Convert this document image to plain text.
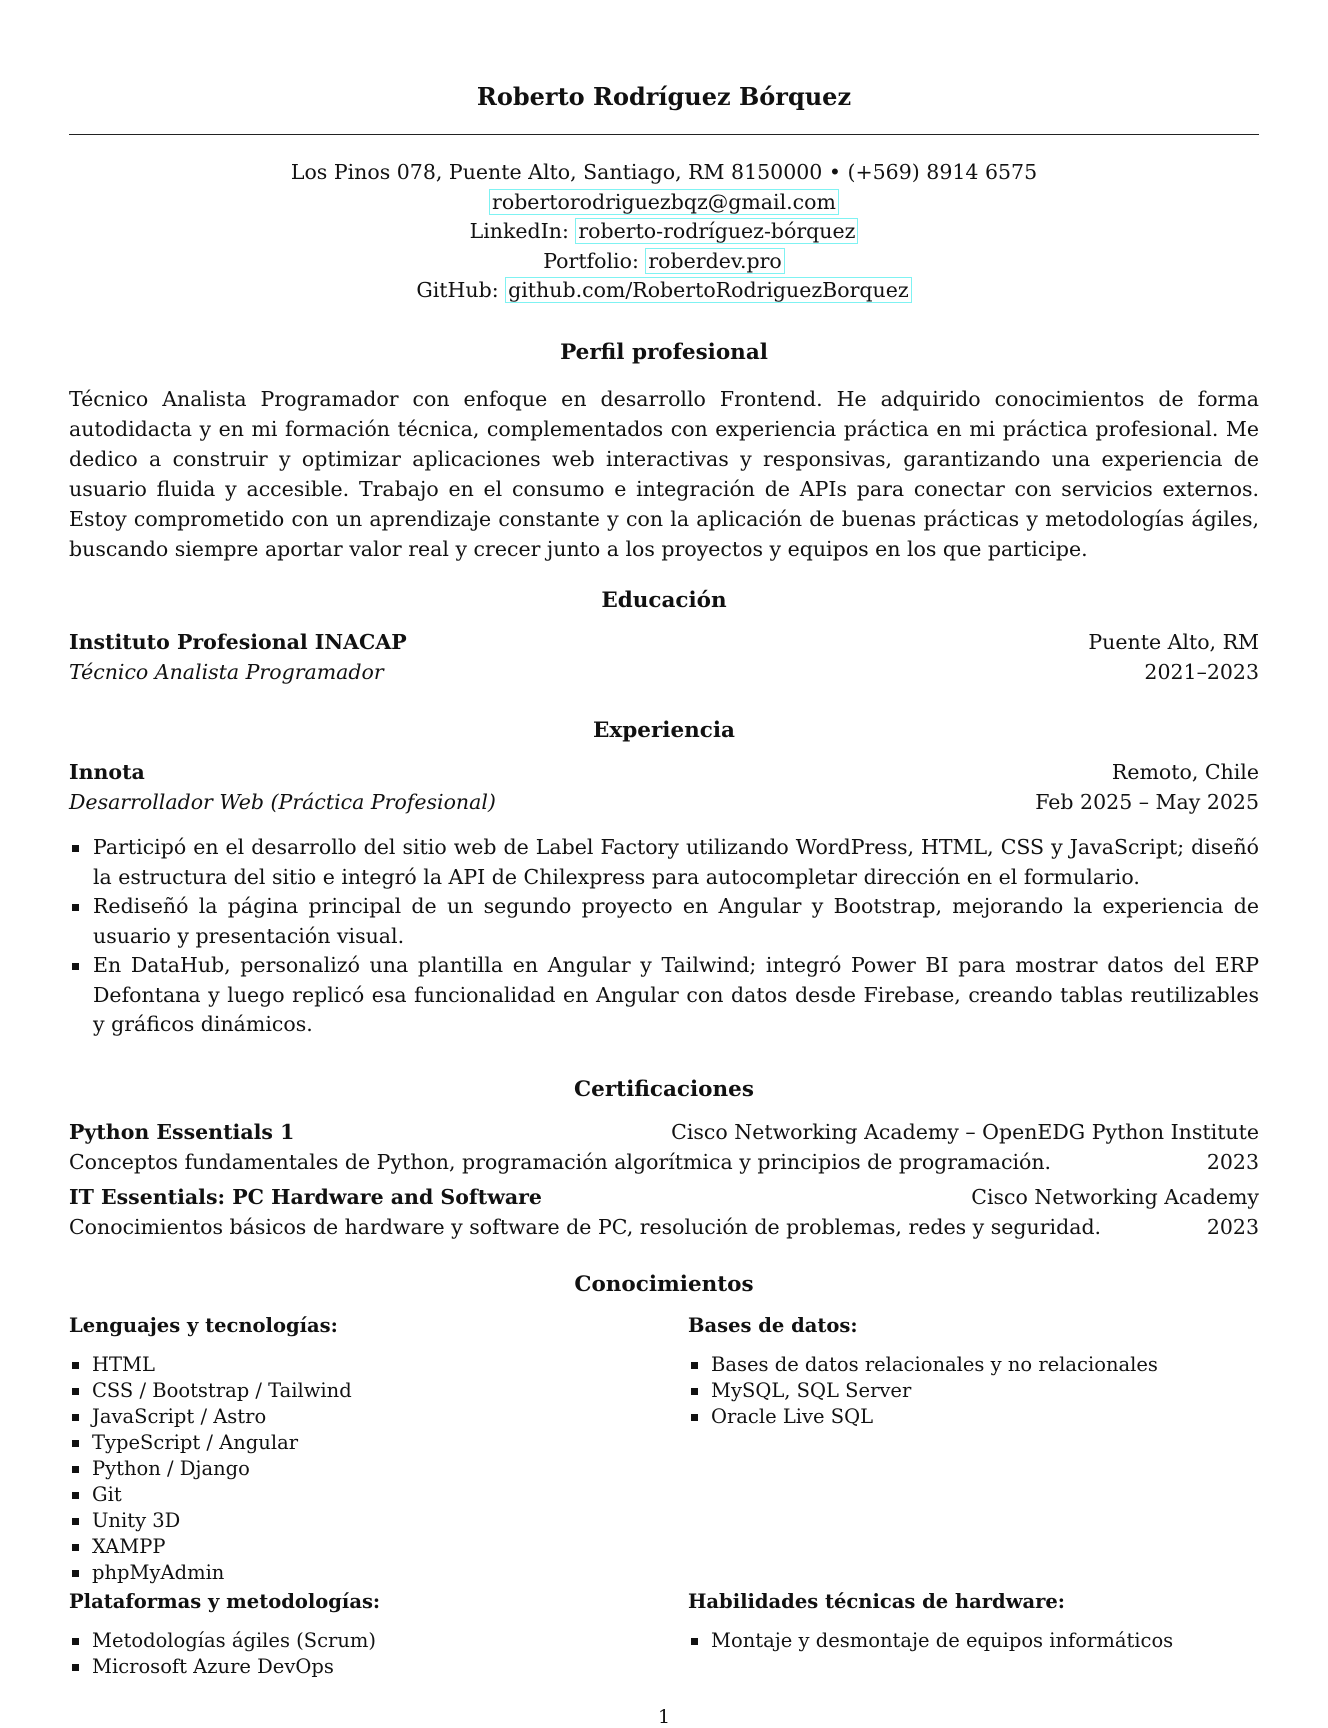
Roberto Rodríguez Bórquez
Los Pinos 078, Puente Alto, Santiago, RM 8150000 • (+569) 8914 6575
robertorodriguezbqz@gmail.com
LinkedIn: roberto-rodríguez-bórquez
Portfolio: roberdev.pro
GitHub: github.com/RobertoRodriguezBorquez
Perfil profesional
Técnico Analista Programador con enfoque en desarrollo Frontend. He adquirido conocimientos de forma autodidacta y en mi formación técnica, complementados con experiencia práctica en mi práctica profesional. Me dedico a construir y optimizar aplicaciones web interactivas y responsivas, garantizando una experiencia de usuario fluida y accesible. Trabajo en el consumo e integración de APIs para conectar con servicios externos. Estoy comprometido con un aprendizaje constante y con la aplicación de buenas prácticas y metodologías ágiles, buscando siempre aportar valor real y crecer junto a los proyectos y equipos en los que participe.
Educación
Instituto Profesional INACAP	Puente Alto, RM
Técnico Analista Programador	2021–2023
Experiencia
Innota	Remoto, Chile
Desarrollador Web (Práctica Profesional)	Feb 2025 – May 2025
Participó en el desarrollo del sitio web de Label Factory utilizando WordPress, HTML, CSS y JavaScript; diseñó la estructura del sitio e integró la API de Chilexpress para autocompletar dirección en el formulario.
Rediseñó la página principal de un segundo proyecto en Angular y Bootstrap, mejorando la experiencia de usuario y presentación visual.
En DataHub, personalizó una plantilla en Angular y Tailwind; integró Power BI para mostrar datos del ERP Defontana y luego replicó esa funcionalidad en Angular con datos desde Firebase, creando tablas reutilizables y gráficos dinámicos.
Certificaciones
Python Essentials 1	Cisco Networking Academy – OpenEDG Python Institute
Conceptos fundamentales de Python, programación algorítmica y principios de programación.	2023
IT Essentials: PC Hardware and Software	Cisco Networking Academy
Conocimientos básicos de hardware y software de PC, resolución de problemas, redes y seguridad.	2023
Conocimientos
Lenguajes y tecnologías:
HTML
CSS / Bootstrap / Tailwind
JavaScript / Astro
TypeScript / Angular
Python / Django
Git
Unity 3D
XAMPP
phpMyAdmin
Bases de datos:
Bases de datos relacionales y no relacionales
MySQL, SQL Server
Oracle Live SQL
Plataformas y metodologías:
Metodologías ágiles (Scrum)
Microsoft Azure DevOps
Habilidades técnicas de hardware:
Montaje y desmontaje de equipos informáticos
1
